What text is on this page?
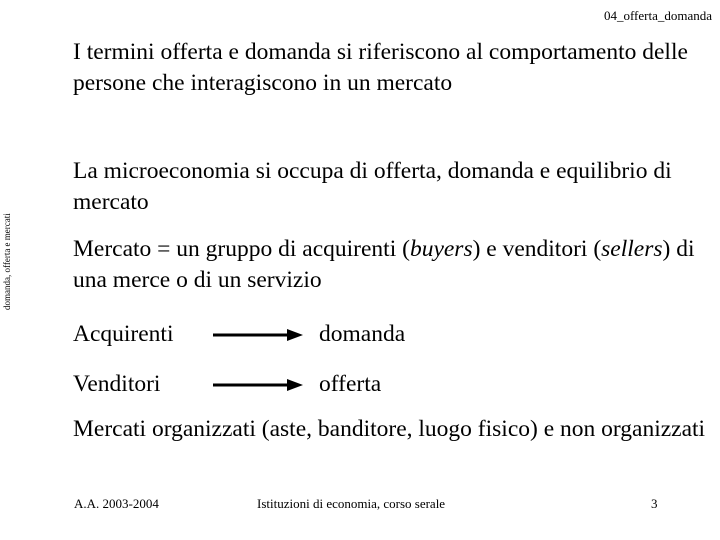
04_offerta_domanda
domanda, offerta e mercati

I termini offerta e domanda si riferiscono al comportamento delle persone che interagiscono in un mercato

La microeconomia si occupa di offerta, domanda e equilibrio di mercato

Mercato = un gruppo di acquirenti (buyers) e venditori (sellers) di una merce o di un servizio

Acquirenti	domanda
Venditori	offerta

Mercati organizzati (aste, banditore, luogo fisico) e non organizzati

A.A. 2003-2004	Istituzioni di economia, corso serale	3
